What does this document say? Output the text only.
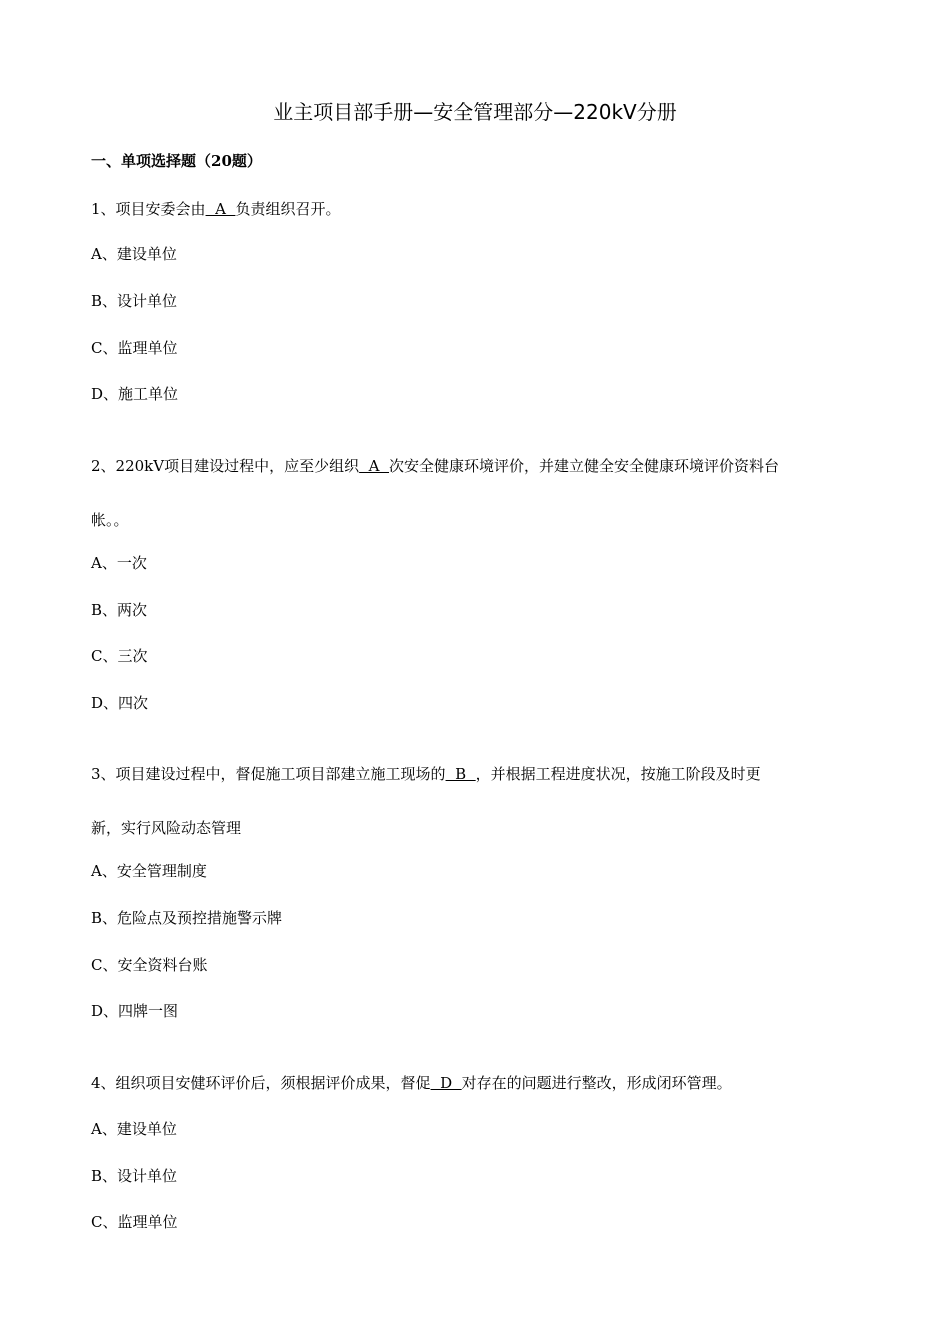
业主项目部手册—安全管理部分—220kV分册
一、单项选择题（20题）
1、项目安委会由  A  负责组织召开。
A、建设单位
B、设计单位
C、监理单位
D、施工单位
2、220kV项目建设过程中，应至少组织  A  次安全健康环境评价，并建立健全安全健康环境评价资料台
帐。。
A、一次
B、两次
C、三次
D、四次
3、项目建设过程中，督促施工项目部建立施工现场的  B  ，并根据工程进度状况，按施工阶段及时更
新，实行风险动态管理
A、安全管理制度
B、危险点及预控措施警示牌
C、安全资料台账
D、四牌一图
4、组织项目安健环评价后，须根据评价成果，督促  D  对存在的问题进行整改，形成闭环管理。
A、建设单位
B、设计单位
C、监理单位
